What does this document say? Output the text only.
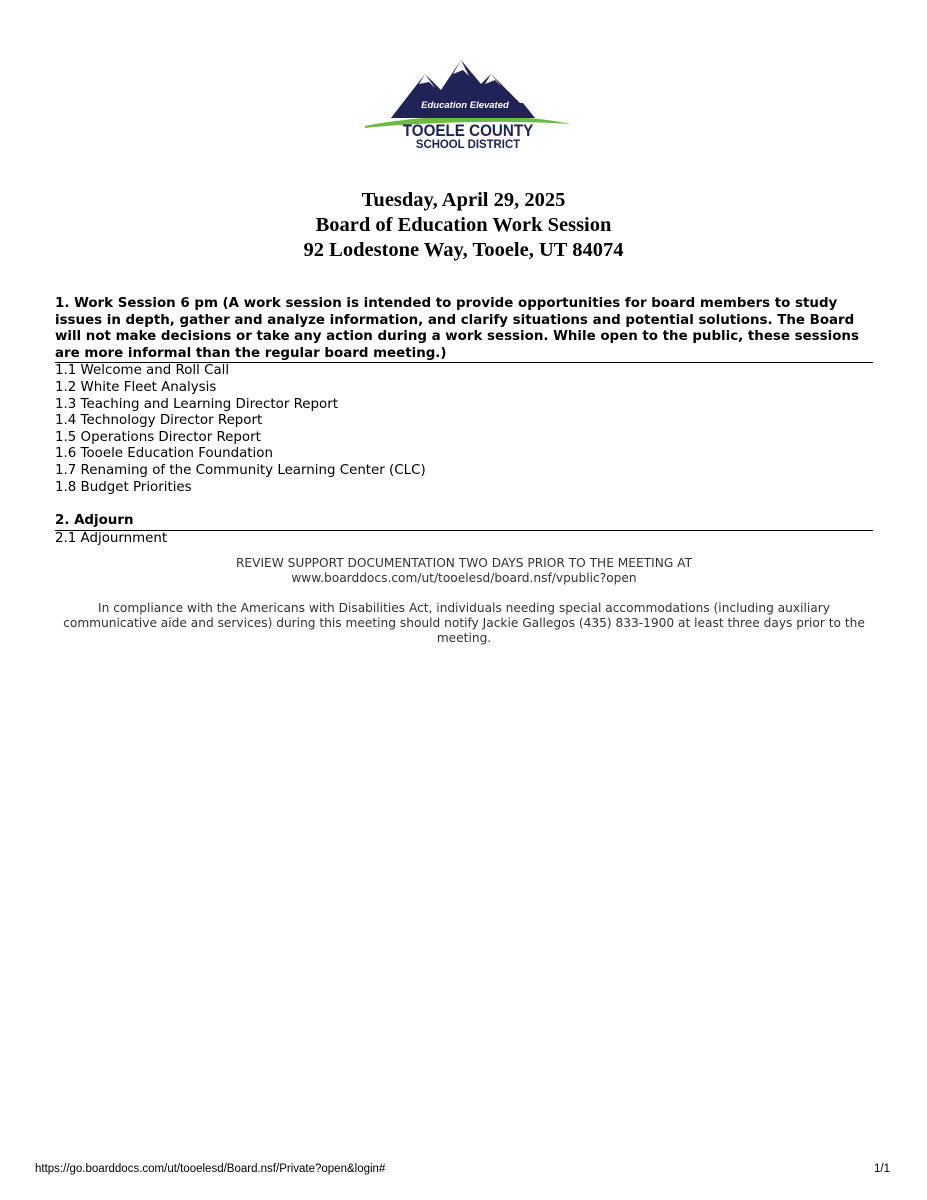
Education Elevated
TOOELE COUNTY
SCHOOL DISTRICT
Tuesday, April 29, 2025
Board of Education Work Session
92 Lodestone Way, Tooele, UT 84074
1. Work Session 6 pm (A work session is intended to provide opportunities for board members to study issues in depth, gather and analyze information, and clarify situations and potential solutions. The Board will not make decisions or take any action during a work session. While open to the public, these sessions are more informal than the regular board meeting.)
1.1 Welcome and Roll Call
1.2 White Fleet Analysis
1.3 Teaching and Learning Director Report
1.4 Technology Director Report
1.5 Operations Director Report
1.6 Tooele Education Foundation
1.7 Renaming of the Community Learning Center (CLC)
1.8 Budget Priorities
2. Adjourn
2.1 Adjournment
REVIEW SUPPORT DOCUMENTATION TWO DAYS PRIOR TO THE MEETING AT
www.boarddocs.com/ut/tooelesd/board.nsf/vpublic?open
In compliance with the Americans with Disabilities Act, individuals needing special accommodations (including auxiliary communicative aide and services) during this meeting should notify Jackie Gallegos (435) 833-1900 at least three days prior to the meeting.
https://go.boarddocs.com/ut/tooelesd/Board.nsf/Private?open&login#	1/1
